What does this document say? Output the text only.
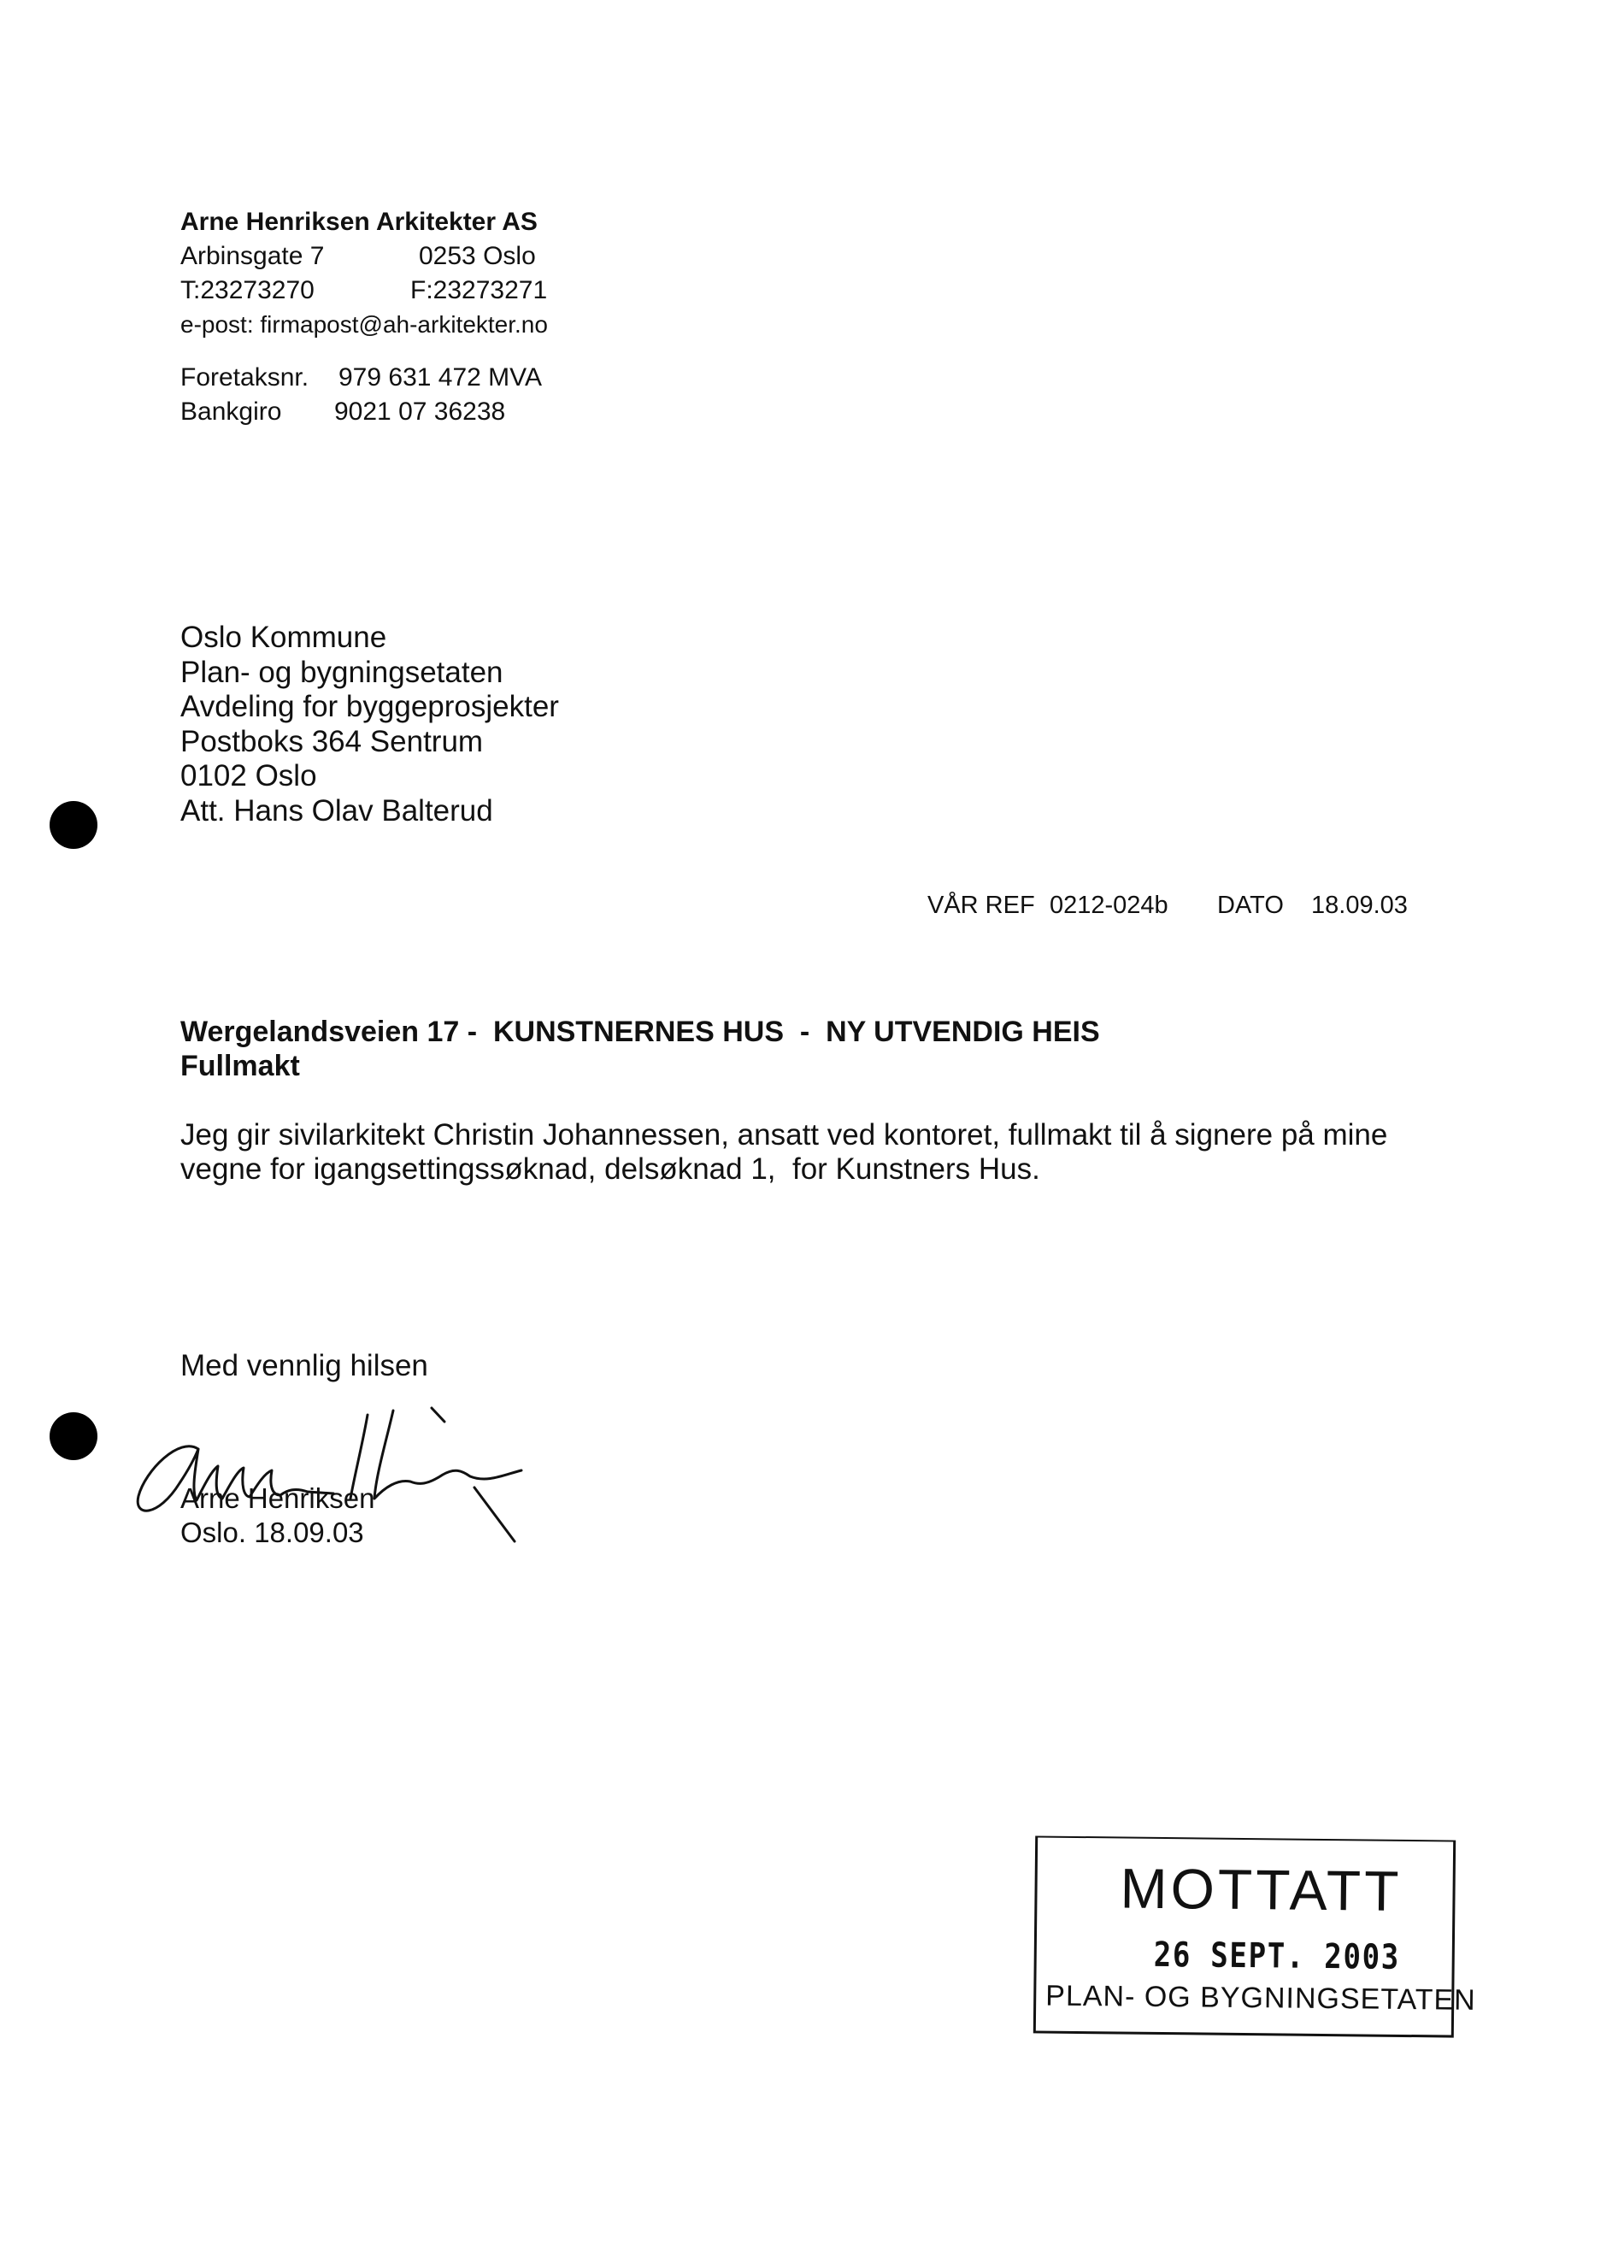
Arne Henriksen Arkitekter AS
Arbinsgate 7	0253 Oslo
T:23273270	F:23273271
e-post: firmapost@ah-arkitekter.no
Foretaksnr. 979 631 472 MVA
Bankgiro 9021 07 36238
Oslo Kommune
Plan- og bygningsetaten
Avdeling for byggeprosjekter
Postboks 364 Sentrum
0102 Oslo
Att. Hans Olav Balterud
VÅR REF 0212-024b DATO 18.09.03
Wergelandsveien 17 -  KUNSTNERNES HUS  -  NY UTVENDIG HEIS
Fullmakt
Jeg gir sivilarkitekt Christin Johannessen, ansatt ved kontoret, fullmakt til å signere på mine
vegne for igangsettingssøknad, delsøknad 1,  for Kunstners Hus.
Med vennlig hilsen
Arne Henriksen
Oslo. 18.09.03
MOTTATT
26 SEPT. 2003
PLAN- OG BYGNINGSETATEN
